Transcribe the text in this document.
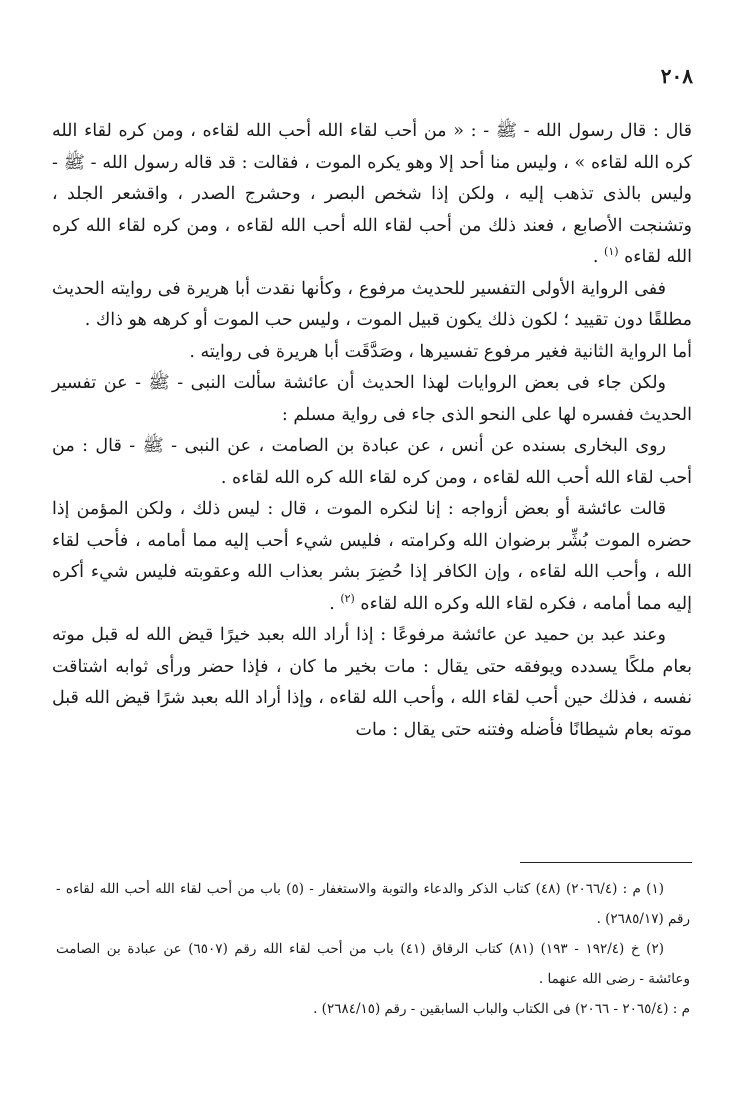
٢٠٨

قال : قال رسول الله - ﷺ - : « من أحب لقاء الله أحب الله لقاءه ، ومن كره لقاء الله كره الله لقاءه » ، وليس منا أحد إلا وهو يكره الموت ، فقالت : قد قاله رسول الله - ﷺ - وليس بالذى تذهب إليه ، ولكن إذا شخص البصر ، وحشرج الصدر ، واقشعر الجلد ، وتشنجت الأصابع ، فعند ذلك من أحب لقاء الله أحب الله لقاءه ، ومن كره لقاء الله كره الله لقاءه $^{(١)}$ .

ففى الرواية الأولى التفسير للحديث مرفوع ، وكأنها نقدت أبا هريرة فى روايته الحديث مطلقًا دون تقييد ؛ لكون ذلك يكون قبيل الموت ، وليس حب الموت أو كرهه هو ذاك .

أما الرواية الثانية فغير مرفوع تفسيرها ، وصَدَّقَت أبا هريرة فى روايته .

ولكن جاء فى بعض الروايات لهذا الحديث أن عائشة سألت النبى - ﷺ - عن تفسير الحديث ففسره لها على النحو الذى جاء فى رواية مسلم :

روى البخارى بسنده عن أنس ، عن عبادة بن الصامت ، عن النبى - ﷺ - قال : من أحب لقاء الله أحب الله لقاءه ، ومن كره لقاء الله كره الله لقاءه .

قالت عائشة أو بعض أزواجه : إنا لنكره الموت ، قال : ليس ذلك ، ولكن المؤمن إذا حضره الموت بُشِّر برضوان الله وكرامته ، فليس شيء أحب إليه مما أمامه ، فأحب لقاء الله ، وأحب الله لقاءه ، وإن الكافر إذا حُضِرَ بشر بعذاب الله وعقوبته فليس شيء أكره إليه مما أمامه ، فكره لقاء الله وكره الله لقاءه $^{(٢)}$ .

وعند عبد بن حميد عن عائشة مرفوعًا : إذا أراد الله بعبد خيرًا قيض الله له قبل موته بعام ملكًا يسدده ويوفقه حتى يقال : مات بخير ما كان ، فإذا حضر ورأى ثوابه اشتاقت نفسه ، فذلك حين أحب لقاء الله ، وأحب الله لقاءه ، وإذا أراد الله بعبد شرًا قيض الله قبل موته بعام شيطانًا فأضله وفتنه حتى يقال : مات

(١) م : (٢٠٦٦/٤) (٤٨) كتاب الذكر والدعاء والتوبة والاستغفار - (٥) باب من أحب لقاء الله أحب الله لقاءه - رقم (٢٦٨٥/١٧) .

(٢) خ (١٩٢/٤ - ١٩٣) (٨١) كتاب الرقاق (٤١) باب من أحب لقاء الله رقم (٦٥٠٧) عن عبادة بن الصامت وعائشة - رضى الله عنهما .

م : (٢٠٦٥/٤ - ٢٠٦٦) فى الكتاب والباب السابقين - رقم (٢٦٨٤/١٥) .
